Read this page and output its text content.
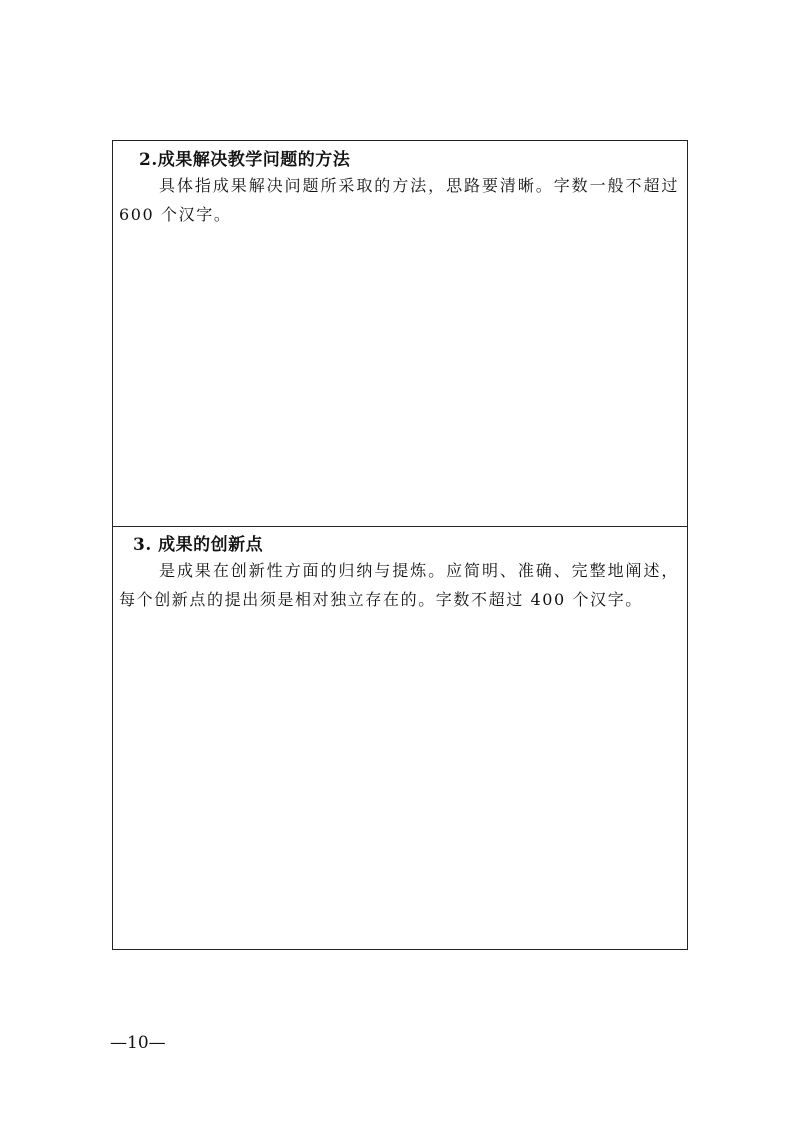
2.成果解决教学问题的方法
具体指成果解决问题所采取的方法，思路要清晰。字数一般不超过 600 个汉字。
3. 成果的创新点
是成果在创新性方面的归纳与提炼。应简明、准确、完整地阐述，每个创新点的提出须是相对独立存在的。字数不超过 400 个汉字。
—10—
